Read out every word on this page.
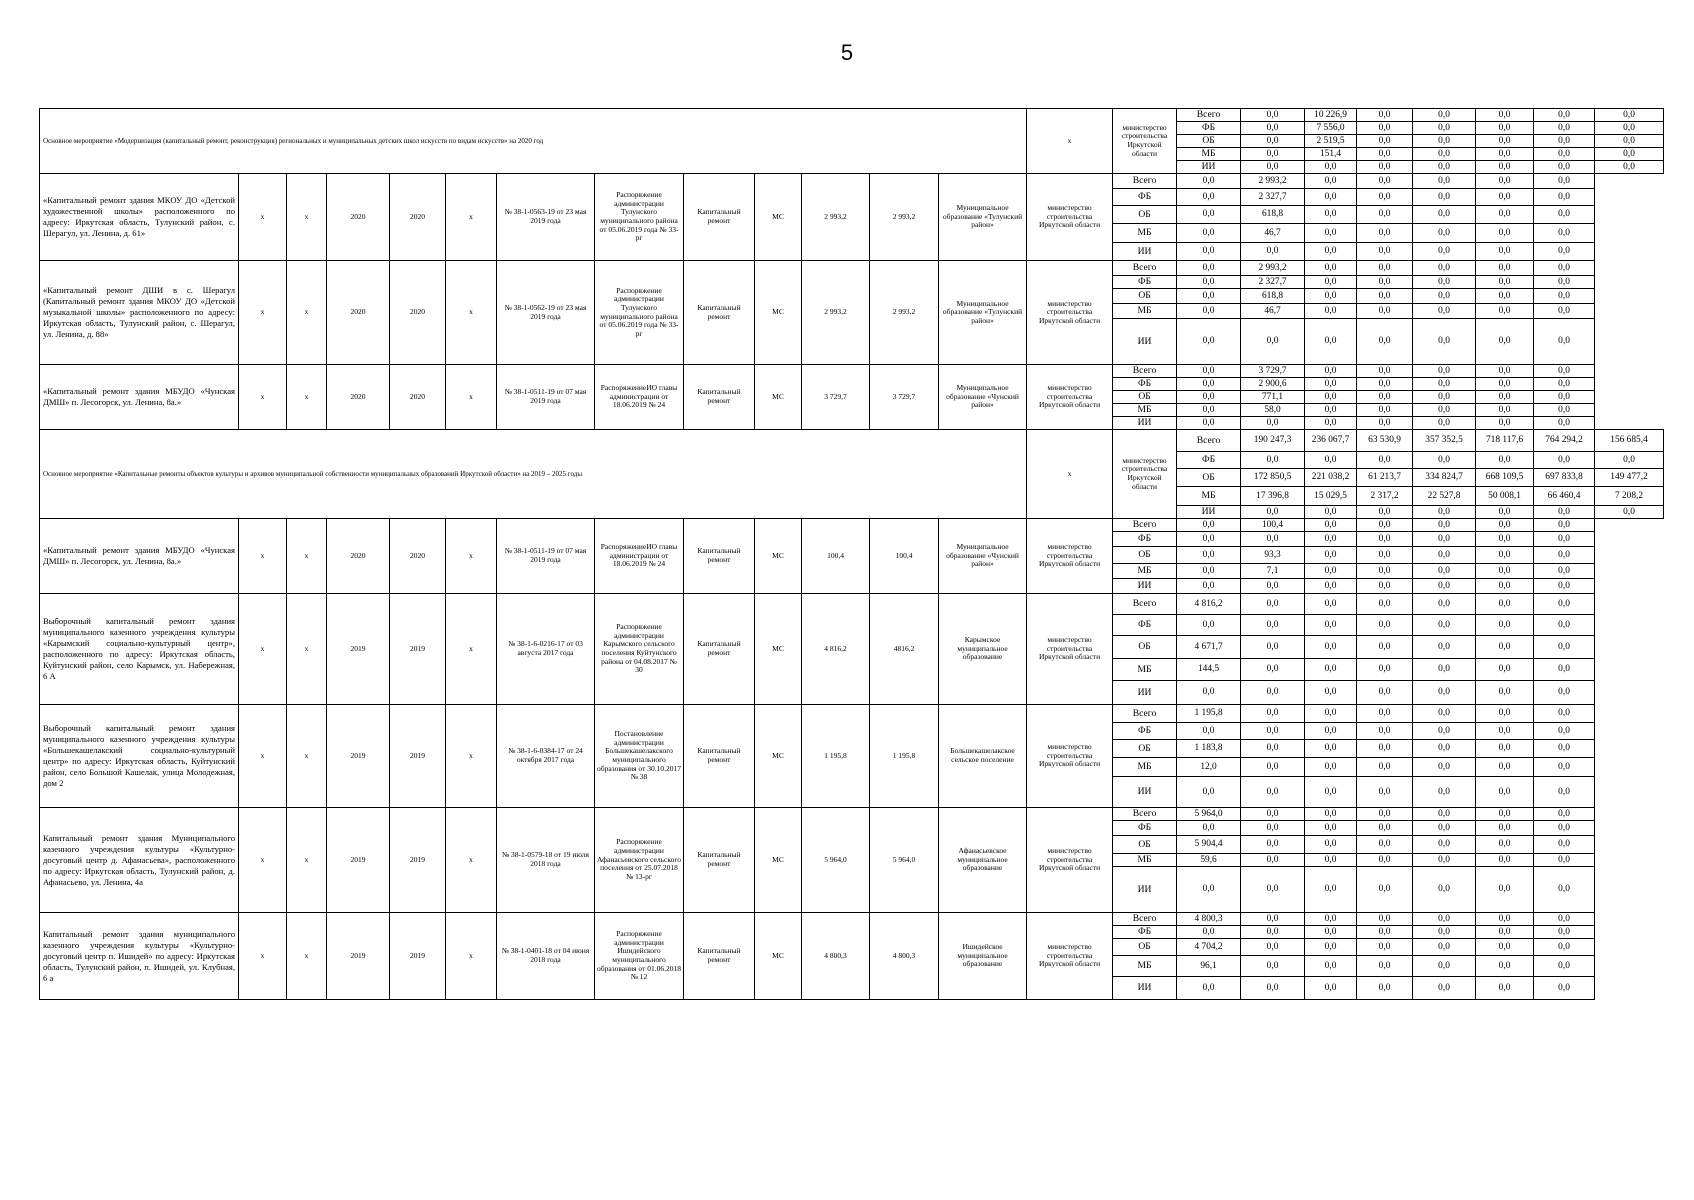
5
Основное мероприятие «Модернизация (капитальный ремонт, реконструкция) региональных и муниципальных детских школ искусств по видам искусств» на 2020 год													x	министерство строительства Иркутской области	Всего	0,0	10 226,9	0,0	0,0	0,0	0,0	0,0
															ФБ	0,0	7 556,0	0,0	0,0	0,0	0,0	0,0
															ОБ	0,0	2 519,5	0,0	0,0	0,0	0,0	0,0
															МБ	0,0	151,4	0,0	0,0	0,0	0,0	0,0
															ИИ	0,0	0,0	0,0	0,0	0,0	0,0	0,0
«Капитальный ремонт здания МКОУ ДО «Детской художественной школы» расположенного по адресу: Иркутская область, Тулунский район, с. Шерагул, ул. Ленина, д. 61»	x	x	2020	2020	x	№ 38-1-0563-19 от 23 мая 2019 года	Распоряжение администрации Тулунского муниципального района от 05.06.2019 года № 33-рг	Капитальный ремонт	МС	2 993,2	2 993,2	Муниципальное образование «Тулунский район»	министерство строительства Иркутской области	Всего	0,0	2 993,2	0,0	0,0	0,0	0,0	0,0	
														ФБ	0,0	2 327,7	0,0	0,0	0,0	0,0	0,0	
														ОБ	0,0	618,8	0,0	0,0	0,0	0,0	0,0	
														МБ	0,0	46,7	0,0	0,0	0,0	0,0	0,0	
														ИИ	0,0	0,0	0,0	0,0	0,0	0,0	0,0	
«Капитальный ремонт ДШИ в с. Шерагул (Капитальный ремонт здания МКОУ ДО «Детской музыкальной школы» расположенного по адресу: Иркутская область, Тулунский район, с. Шерагул, ул. Ленина, д. 88»	x	x	2020	2020	x	№ 38-1-0562-19 от 23 мая 2019 года	Распоряжение администрации Тулунского муниципального района от 05.06.2019 года № 33-рг	Капитальный ремонт	МС	2 993,2	2 993,2	Муниципальное образование «Тулунский район»	министерство строительства Иркутской области	Всего	0,0	2 993,2	0,0	0,0	0,0	0,0	0,0	
														ФБ	0,0	2 327,7	0,0	0,0	0,0	0,0	0,0	
														ОБ	0,0	618,8	0,0	0,0	0,0	0,0	0,0	
														МБ	0,0	46,7	0,0	0,0	0,0	0,0	0,0	
														ИИ	0,0	0,0	0,0	0,0	0,0	0,0	0,0	
«Капитальный ремонт здания МБУДО «Чунская ДМШ» п. Лесогорск, ул. Ленина, 8а.»	x	x	2020	2020	x	№ 38-1-0511-19 от 07 мая 2019 года	РаспоряжениеИО главы администрации от 18.06.2019 № 24	Капитальный ремонт	МС	3 729,7	3 729,7	Муниципальное образование «Чунский район»	министерство строительства Иркутской области	Всего	0,0	3 729,7	0,0	0,0	0,0	0,0	0,0	
														ФБ	0,0	2 900,6	0,0	0,0	0,0	0,0	0,0	
														ОБ	0,0	771,1	0,0	0,0	0,0	0,0	0,0	
														МБ	0,0	58,0	0,0	0,0	0,0	0,0	0,0	
														ИИ	0,0	0,0	0,0	0,0	0,0	0,0	0,0	
Основное мероприятие «Капитальные ремонты объектов культуры и архивов муниципальной собственности муниципальных образований Иркутской области» на 2019 – 2025 годы													x	министерство строительства Иркутской области	Всего	190 247,3	236 067,7	63 530,9	357 352,5	718 117,6	764 294,2	156 685,4
															ФБ	0,0	0,0	0,0	0,0	0,0	0,0	0,0
															ОБ	172 850,5	221 038,2	61 213,7	334 824,7	668 109,5	697 833,8	149 477,2
															МБ	17 396,8	15 029,5	2 317,2	22 527,8	50 008,1	66 460,4	7 208,2
															ИИ	0,0	0,0	0,0	0,0	0,0	0,0	0,0
«Капитальный ремонт здания МБУДО «Чунская ДМШ» п. Лесогорск, ул. Ленина, 8а.»	x	x	2020	2020	x	№ 38-1-0511-19 от 07 мая 2019 года	РаспоряжениеИО главы администрации от 18.06.2019 № 24	Капитальный ремонт	МС	100,4	100,4	Муниципальное образование «Чунский район»	министерство строительства Иркутской области	Всего	0,0	100,4	0,0	0,0	0,0	0,0	0,0	
														ФБ	0,0	0,0	0,0	0,0	0,0	0,0	0,0	
														ОБ	0,0	93,3	0,0	0,0	0,0	0,0	0,0	
														МБ	0,0	7,1	0,0	0,0	0,0	0,0	0,0	
														ИИ	0,0	0,0	0,0	0,0	0,0	0,0	0,0	
Выборочный капитальный ремонт здания муниципального казенного учреждения культуры «Карымский социально-культурный центр», расположенного по адресу: Иркутская область, Куйтунский район, село Карымск, ул. Набережная, 6 А	x	x	2019	2019	x	№ 38-1-6-0216-17 от 03 августа 2017 года	Распоряжение администрации Карымского сельского поселения Куйтунского района от 04.08.2017 № 30	Капитальный ремонт	МС	4 816,2	4816,2	Карымское муниципальное образование	министерство строительства Иркутской области	Всего	4 816,2	0,0	0,0	0,0	0,0	0,0	0,0	
														ФБ	0,0	0,0	0,0	0,0	0,0	0,0	0,0	
														ОБ	4 671,7	0,0	0,0	0,0	0,0	0,0	0,0	
														МБ	144,5	0,0	0,0	0,0	0,0	0,0	0,0	
														ИИ	0,0	0,0	0,0	0,0	0,0	0,0	0,0	
Выборочный капитальный ремонт здания муниципального казенного учреждения культуры «Большекашелакский социально-культурный центр» по адресу: Иркутская область, Куйтунский район, село Большой Кашелак, улица Молодежная, дом 2	x	x	2019	2019	x	№ 38-1-6-0384-17 от 24 октября 2017 года	Постановление администрации Большекашелакского муниципального образования от 30.10.2017 № 38	Капитальный ремонт	МС	1 195,8	1 195,8	Большекашелакское сельское поселение	министерство строительства Иркутской области	Всего	1 195,8	0,0	0,0	0,0	0,0	0,0	0,0	
														ФБ	0,0	0,0	0,0	0,0	0,0	0,0	0,0	
														ОБ	1 183,8	0,0	0,0	0,0	0,0	0,0	0,0	
														МБ	12,0	0,0	0,0	0,0	0,0	0,0	0,0	
														ИИ	0,0	0,0	0,0	0,0	0,0	0,0	0,0	
Капитальный ремонт здания Муниципального казенного учреждения культуры «Культурно-досуговый центр д. Афанасьева», расположенного по адресу: Иркутская область, Тулунский район, д. Афанасьево, ул. Ленина, 4а	x	x	2019	2019	x	№ 38-1-0579-18 от 19 июля 2018 года	Распоряжение администрации Афанасьевского сельского поселения от 25.07.2018 № 13-рг	Капитальный ремонт	МС	5 964,0	5 964,0	Афанасьевское муниципальное образование	министерство строительства Иркутской области	Всего	5 964,0	0,0	0,0	0,0	0,0	0,0	0,0	
														ФБ	0,0	0,0	0,0	0,0	0,0	0,0	0,0	
														ОБ	5 904,4	0,0	0,0	0,0	0,0	0,0	0,0	
														МБ	59,6	0,0	0,0	0,0	0,0	0,0	0,0	
														ИИ	0,0	0,0	0,0	0,0	0,0	0,0	0,0	
Капитальный ремонт здания муниципального казенного учреждения культуры «Культурно-досуговый центр п. Ишидей» по адресу: Иркутская область, Тулунский район, п. Ишидей, ул. Клубная, 6 а	x	x	2019	2019	x	№ 38-1-0401-18 от 04 июня 2018 года	Распоряжение администрации Ишидейского муниципального образования от 01.06.2018 № 12	Капитальный ремонт	МС	4 800,3	4 800,3	Ишидейское муниципальное образование	министерство строительства Иркутской области	Всего	4 800,3	0,0	0,0	0,0	0,0	0,0	0,0	
														ФБ	0,0	0,0	0,0	0,0	0,0	0,0	0,0	
														ОБ	4 704,2	0,0	0,0	0,0	0,0	0,0	0,0	
														МБ	96,1	0,0	0,0	0,0	0,0	0,0	0,0	
														ИИ	0,0	0,0	0,0	0,0	0,0	0,0	0,0	
